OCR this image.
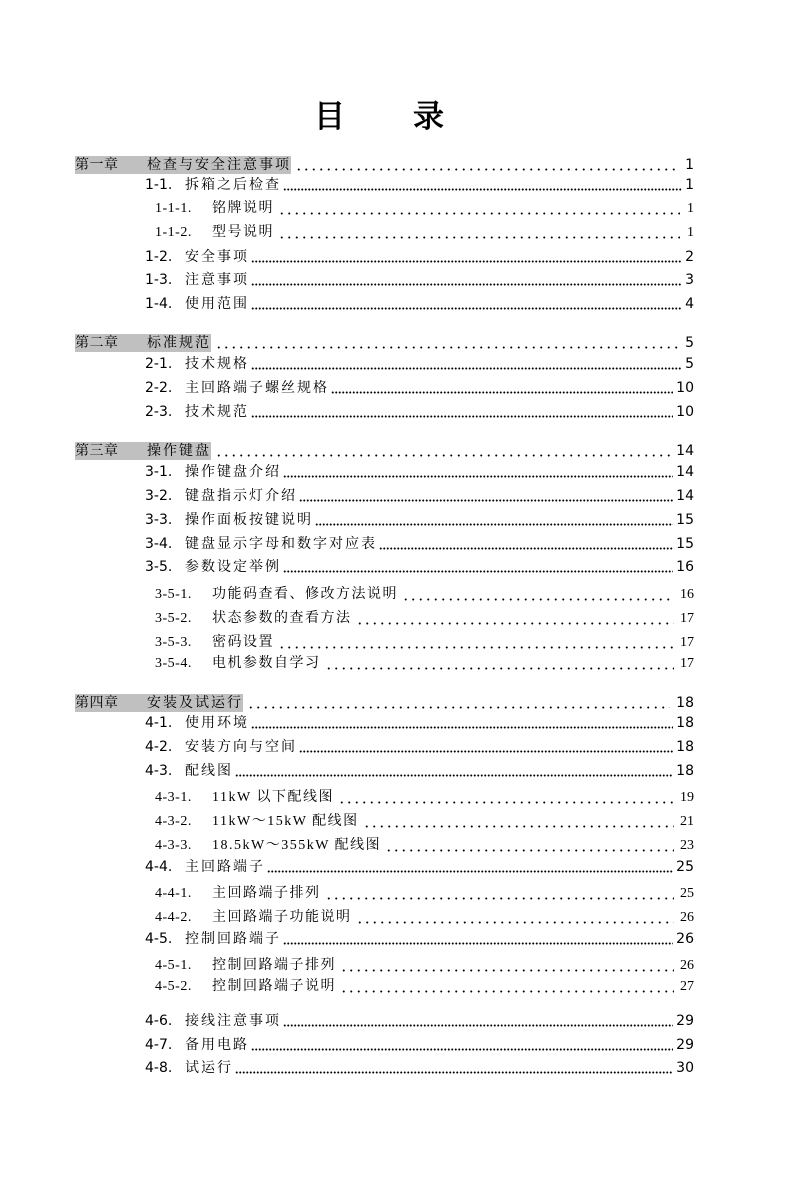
目　　录
第一章	检查与安全注意事项	1
1-1. 拆箱之后检查	1
1-1-1.	铭牌说明	1
1-1-2.	型号说明	1
1-2. 安全事项	2
1-3. 注意事项	3
1-4. 使用范围	4
第二章	标准规范	5
2-1. 技术规格	5
2-2. 主回路端子螺丝规格	10
2-3. 技术规范	10
第三章	操作键盘	14
3-1. 操作键盘介绍	14
3-2. 键盘指示灯介绍	14
3-3. 操作面板按键说明	15
3-4. 键盘显示字母和数字对应表	15
3-5. 参数设定举例	16
3-5-1.	功能码查看、修改方法说明	16
3-5-2.	状态参数的查看方法	17
3-5-3.	密码设置	17
3-5-4.	电机参数自学习	17
第四章	安装及试运行	18
4-1. 使用环境	18
4-2. 安装方向与空间	18
4-3. 配线图	18
4-3-1.	11kW 以下配线图	19
4-3-2.	11kW～15kW 配线图	21
4-3-3.	18.5kW～355kW 配线图	23
4-4. 主回路端子	25
4-4-1.	主回路端子排列	25
4-4-2.	主回路端子功能说明	26
4-5. 控制回路端子	26
4-5-1.	控制回路端子排列	26
4-5-2.	控制回路端子说明	27
4-6. 接线注意事项	29
4-7. 备用电路	29
4-8. 试运行	30
